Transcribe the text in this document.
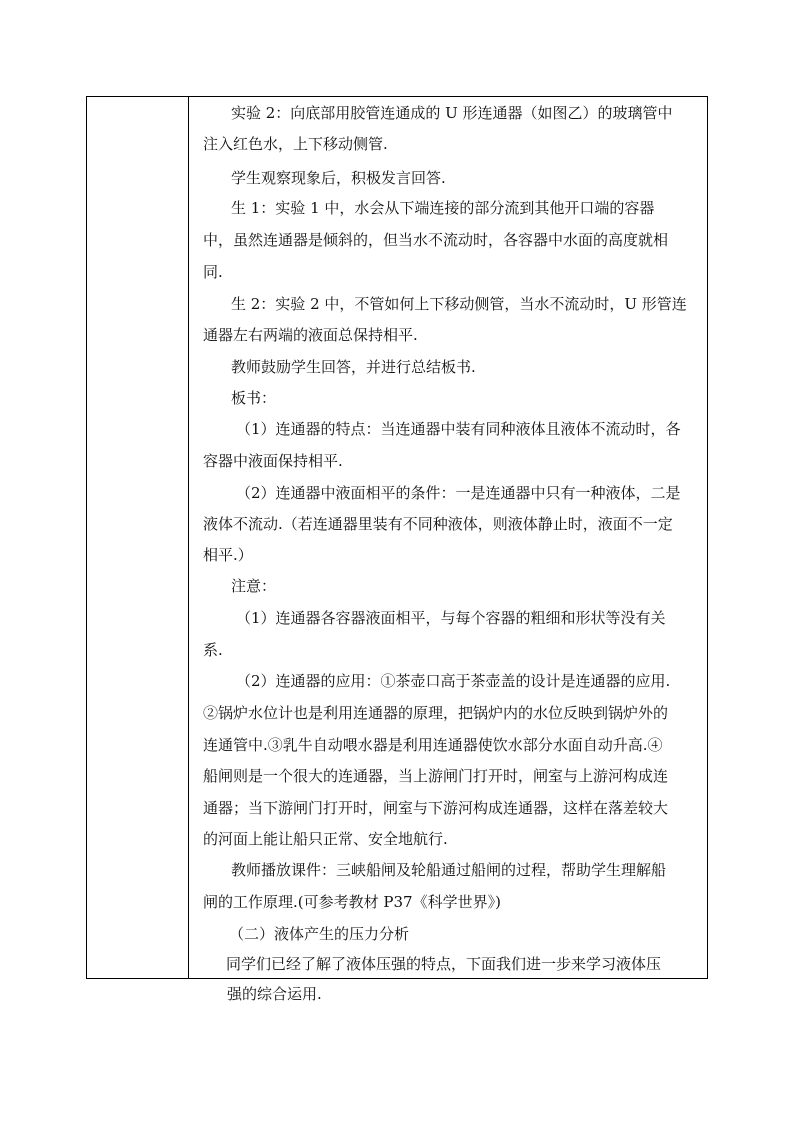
实验 2：向底部用胶管连通成的 U 形连通器（如图乙）的玻璃管中
注入红色水，上下移动侧管.
学生观察现象后，积极发言回答.
生 1：实验 1 中，水会从下端连接的部分流到其他开口端的容器
中，虽然连通器是倾斜的，但当水不流动时，各容器中水面的高度就相
同.
生 2：实验 2 中，不管如何上下移动侧管，当水不流动时，U 形管连
通器左右两端的液面总保持相平.
教师鼓励学生回答，并进行总结板书.
板书：
（1）连通器的特点：当连通器中装有同种液体且液体不流动时，各
容器中液面保持相平.
（2）连通器中液面相平的条件：一是连通器中只有一种液体，二是
液体不流动.（若连通器里装有不同种液体，则液体静止时，液面不一定
相平.）
注意：
（1）连通器各容器液面相平，与每个容器的粗细和形状等没有关
系.
（2）连通器的应用：①茶壶口高于茶壶盖的设计是连通器的应用.
②锅炉水位计也是利用连通器的原理，把锅炉内的水位反映到锅炉外的
连通管中.③乳牛自动喂水器是利用连通器使饮水部分水面自动升高.④
船闸则是一个很大的连通器，当上游闸门打开时，闸室与上游河构成连
通器；当下游闸门打开时，闸室与下游河构成连通器，这样在落差较大
的河面上能让船只正常、安全地航行.
教师播放课件：三峡船闸及轮船通过船闸的过程，帮助学生理解船
闸的工作原理.(可参考教材 P37《科学世界》)
（二）液体产生的压力分析
同学们已经了解了液体压强的特点，下面我们进一步来学习液体压
强的综合运用.
